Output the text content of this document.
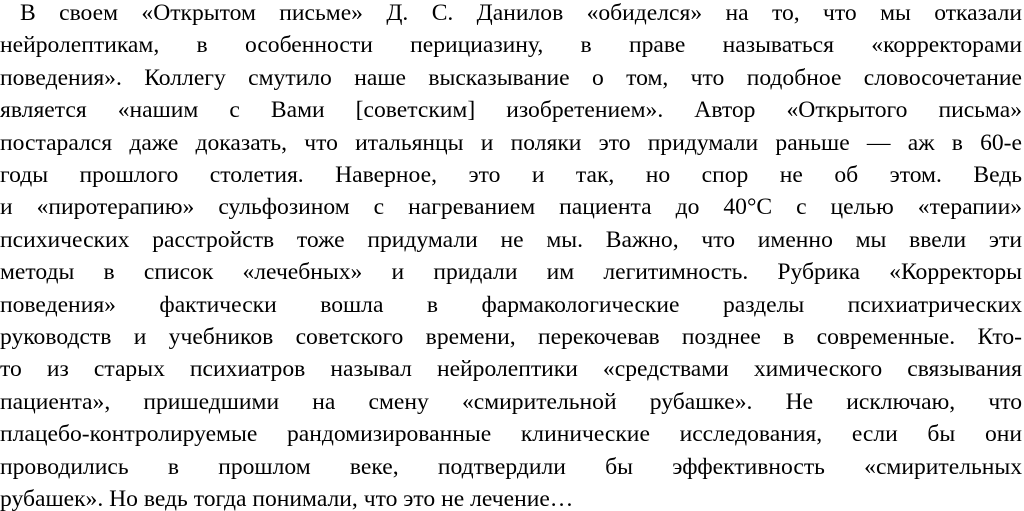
В своем «Открытом письме» Д. С. Данилов «обиделся» на то, что мы отказали
нейролептикам, в особенности перициазину, в праве называться «корректорами
поведения». Коллегу смутило наше высказывание о том, что подобное словосочетание
является «нашим с Вами [советским] изобретением». Автор «Открытого письма»
постарался даже доказать, что итальянцы и поляки это придумали раньше — аж в 60-е
годы прошлого столетия. Наверное, это и так, но спор не об этом. Ведь
и «пиротерапию» сульфозином с нагреванием пациента до 40°C с целью «терапии»
психических расстройств тоже придумали не мы. Важно, что именно мы ввели эти
методы в список «лечебных» и придали им легитимность. Рубрика «Корректоры
поведения» фактически вошла в фармакологические разделы психиатрических
руководств и учебников советского времени, перекочевав позднее в современные. Кто-
то из старых психиатров называл нейролептики «средствами химического связывания
пациента», пришедшими на смену «смирительной рубашке». Не исключаю, что
плацебо-контролируемые рандомизированные клинические исследования, если бы они
проводились в прошлом веке, подтвердили бы эффективность «смирительных
рубашек». Но ведь тогда понимали, что это не лечение…
